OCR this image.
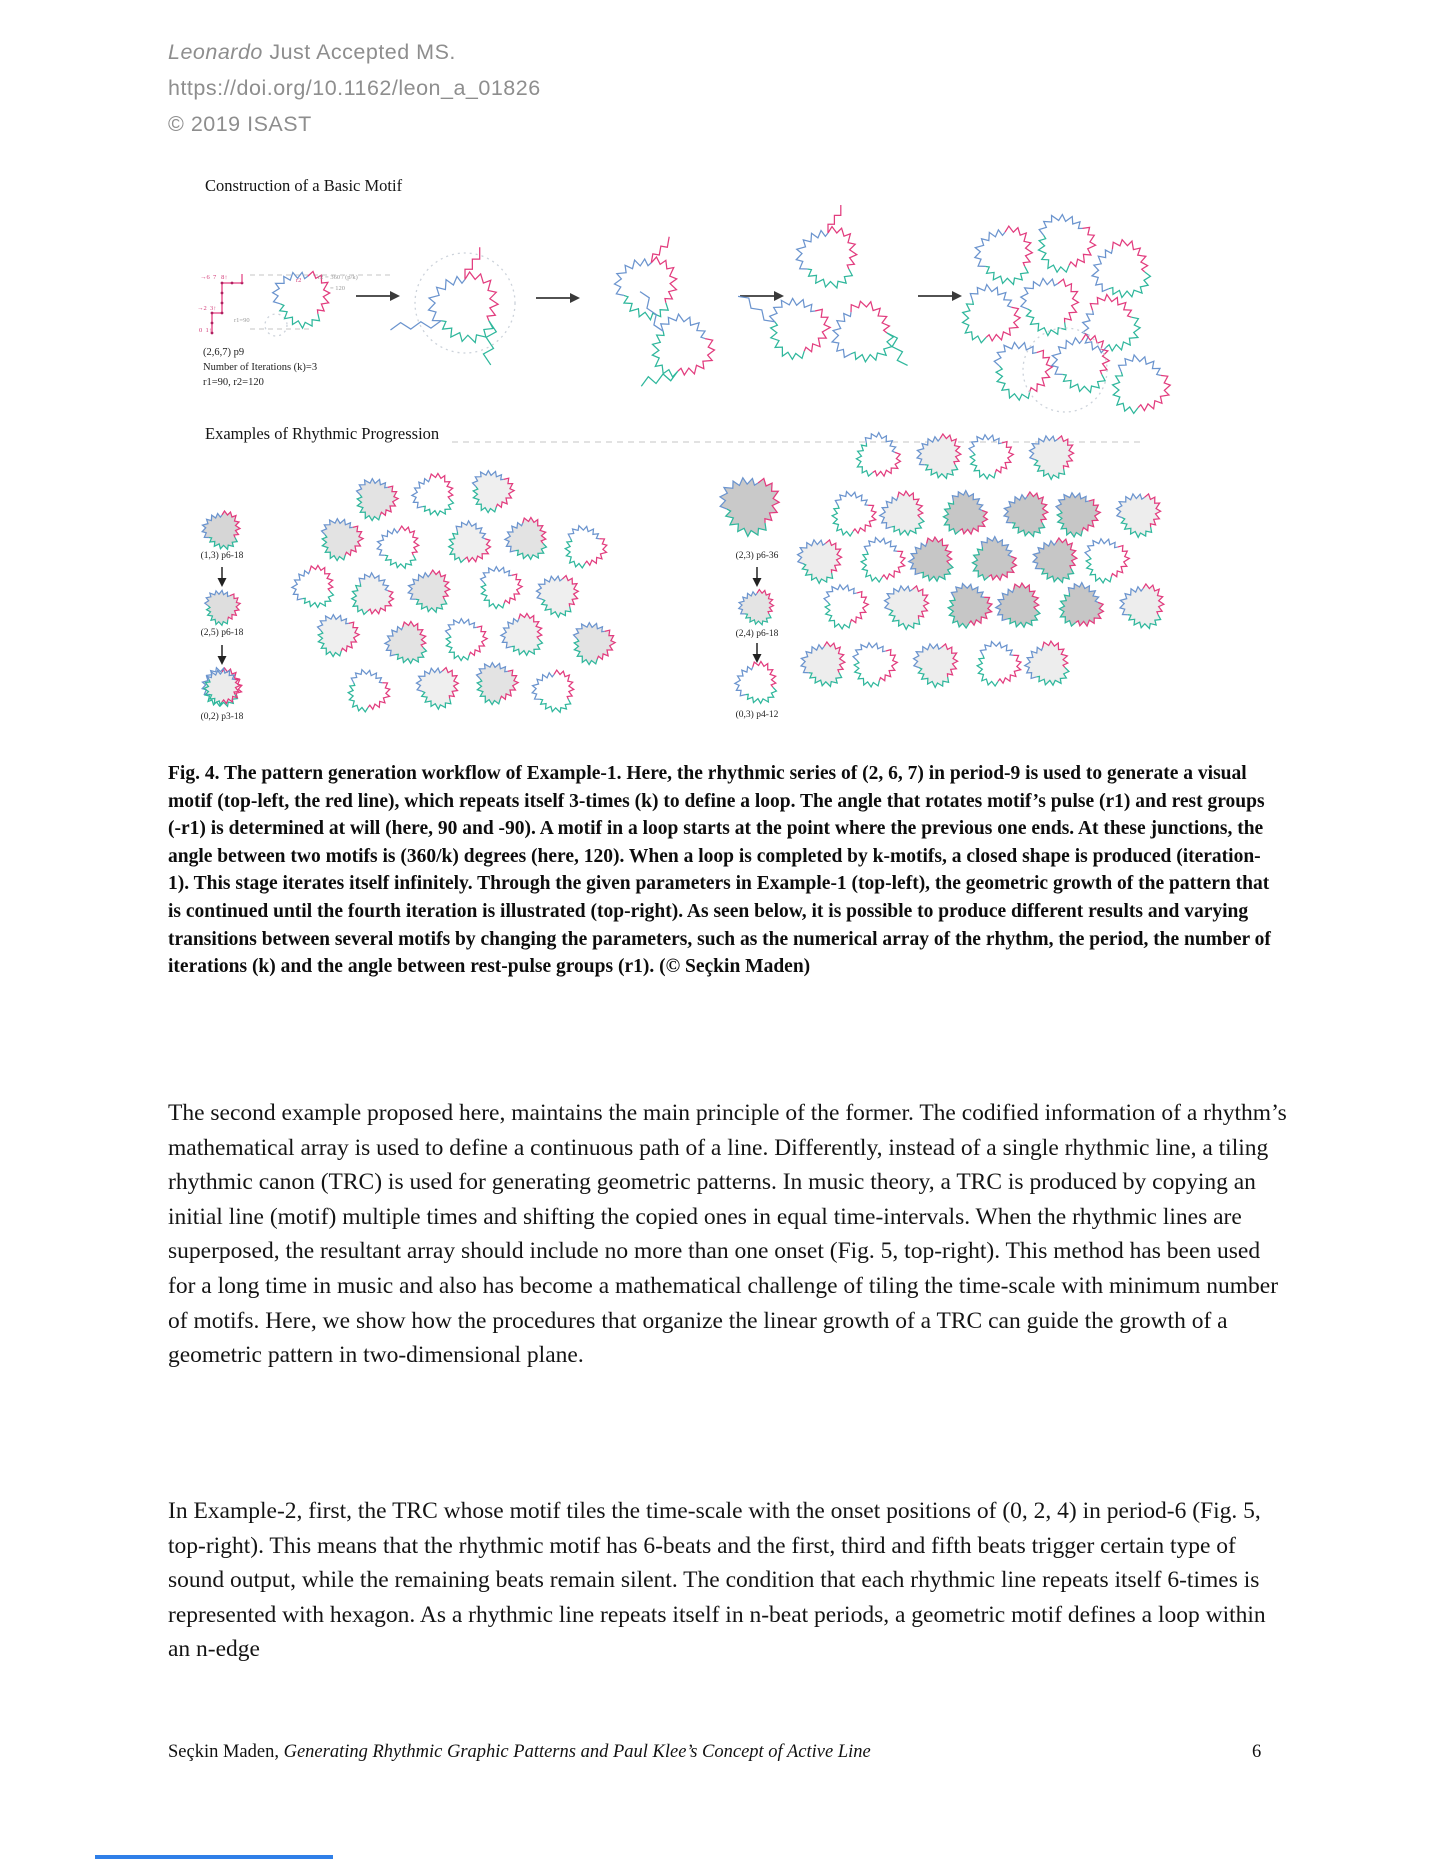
Leonardo Just Accepted MS.
https://doi.org/10.1162/leon_a_01826
© 2019 ISAST
Construction of a Basic Motif
Examples of Rhythmic Progression
→6  7   8↑
→2  3↑
0  1↑
r2
r1=90
r2 = 360 / (p/k)
= 120
(2,6,7) p9
Number of Iterations (k)=3
r1=90, r2=120
(1,3) p6-18
(2,5) p6-18
(0,2) p3-18
(2,3) p6-36
(2,4) p6-18
(0,3) p4-12

Fig. 4. The pattern generation workflow of Example-1. Here, the rhythmic series of (2, 6, 7) in period-9 is used to generate a visual motif (top-left, the red line), which repeats itself 3-times (k) to define a loop. The angle that rotates motif’s pulse (r1) and rest groups (-r1) is determined at will (here, 90 and -90). A motif in a loop starts at the point where the previous one ends. At these junctions, the angle between two motifs is (360/k) degrees (here, 120). When a loop is completed by k-motifs, a closed shape is produced (iteration-1). This stage iterates itself infinitely. Through the given parameters in Example-1 (top-left), the geometric growth of the pattern that is continued until the fourth iteration is illustrated (top-right). As seen below, it is possible to produce different results and varying transitions between several motifs by changing the parameters, such as the numerical array of the rhythm, the period, the number of iterations (k) and the angle between rest-pulse groups (r1). (© Seçkin Maden)

The second example proposed here, maintains the main principle of the former. The codified information of a rhythm’s mathematical array is used to define a continuous path of a line. Differently, instead of a single rhythmic line, a tiling rhythmic canon (TRC) is used for generating geometric patterns. In music theory, a TRC is produced by copying an initial line (motif) multiple times and shifting the copied ones in equal time-intervals. When the rhythmic lines are superposed, the resultant array should include no more than one onset (Fig. 5, top-right). This method has been used for a long time in music and also has become a mathematical challenge of tiling the time-scale with minimum number of motifs. Here, we show how the procedures that organize the linear growth of a TRC can guide the growth of a geometric pattern in two-dimensional plane.

In Example-2, first, the TRC whose motif tiles the time-scale with the onset positions of (0, 2, 4) in period-6 (Fig. 5, top-right). This means that the rhythmic motif has 6-beats and the first, third and fifth beats trigger certain type of sound output, while the remaining beats remain silent. The condition that each rhythmic line repeats itself 6-times is represented with hexagon. As a rhythmic line repeats itself in n-beat periods, a geometric motif defines a loop within an n-edge

Seçkin Maden, Generating Rhythmic Graphic Patterns and Paul Klee’s Concept of Active Line	6
